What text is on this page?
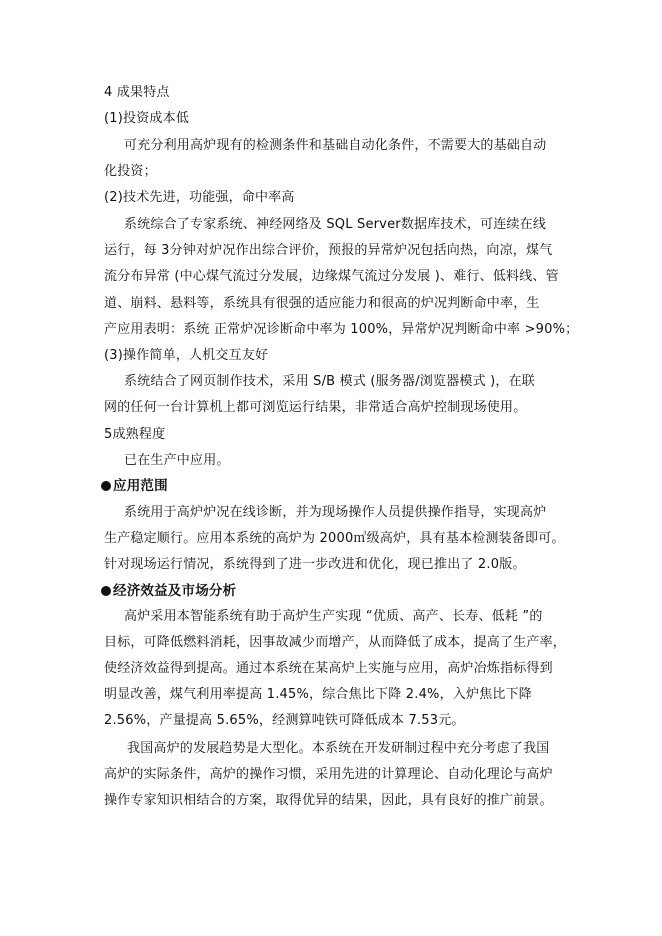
4 成果特点
(1)投资成本低
可充分利用高炉现有的检测条件和基础自动化条件，不需要大的基础自动
化投资；
(2)技术先进，功能强，命中率高
系统综合了专家系统、神经网络及 SQL Server数据库技术，可连续在线
运行，每 3分钟对炉况作出综合评价，预报的异常炉况包括向热，向凉，煤气
流分布异常 (中心煤气流过分发展，边缘煤气流过分发展 )、难行、低料线、管
道、崩料、悬料等，系统具有很强的适应能力和很高的炉况判断命中率，生
产应用表明：系统 正常炉况诊断命中率为 100%，异常炉况判断命中率 >90%；
(3)操作简单，人机交互友好
系统结合了网页制作技术，采用 S/B 模式 (服务器/浏览器模式 )，在联
网的任何一台计算机上都可浏览运行结果，非常适合高炉控制现场使用。
5成熟程度
已在生产中应用。
应用范围
系统用于高炉炉况在线诊断，并为现场操作人员提供操作指导，实现高炉
生产稳定顺行。应用本系统的高炉为 2000㎥级高炉，具有基本检测装备即可。
针对现场运行情况，系统得到了进一步改进和优化，现已推出了 2.0版。
经济效益及市场分析
高炉采用本智能系统有助于高炉生产实现 “优质、高产、长寿、低耗 ”的
目标，可降低燃料消耗，因事故减少而增产，从而降低了成本，提高了生产率，
使经济效益得到提高。通过本系统在某高炉上实施与应用，高炉冶炼指标得到
明显改善，煤气利用率提高 1.45%，综合焦比下降 2.4%，入炉焦比下降
2.56%，产量提高 5.65%，经测算吨铁可降低成本 7.53元。
我国高炉的发展趋势是大型化。本系统在开发研制过程中充分考虑了我国
高炉的实际条件，高炉的操作习惯，采用先进的计算理论、自动化理论与高炉
操作专家知识相结合的方案，取得优异的结果，因此，具有良好的推广前景。
